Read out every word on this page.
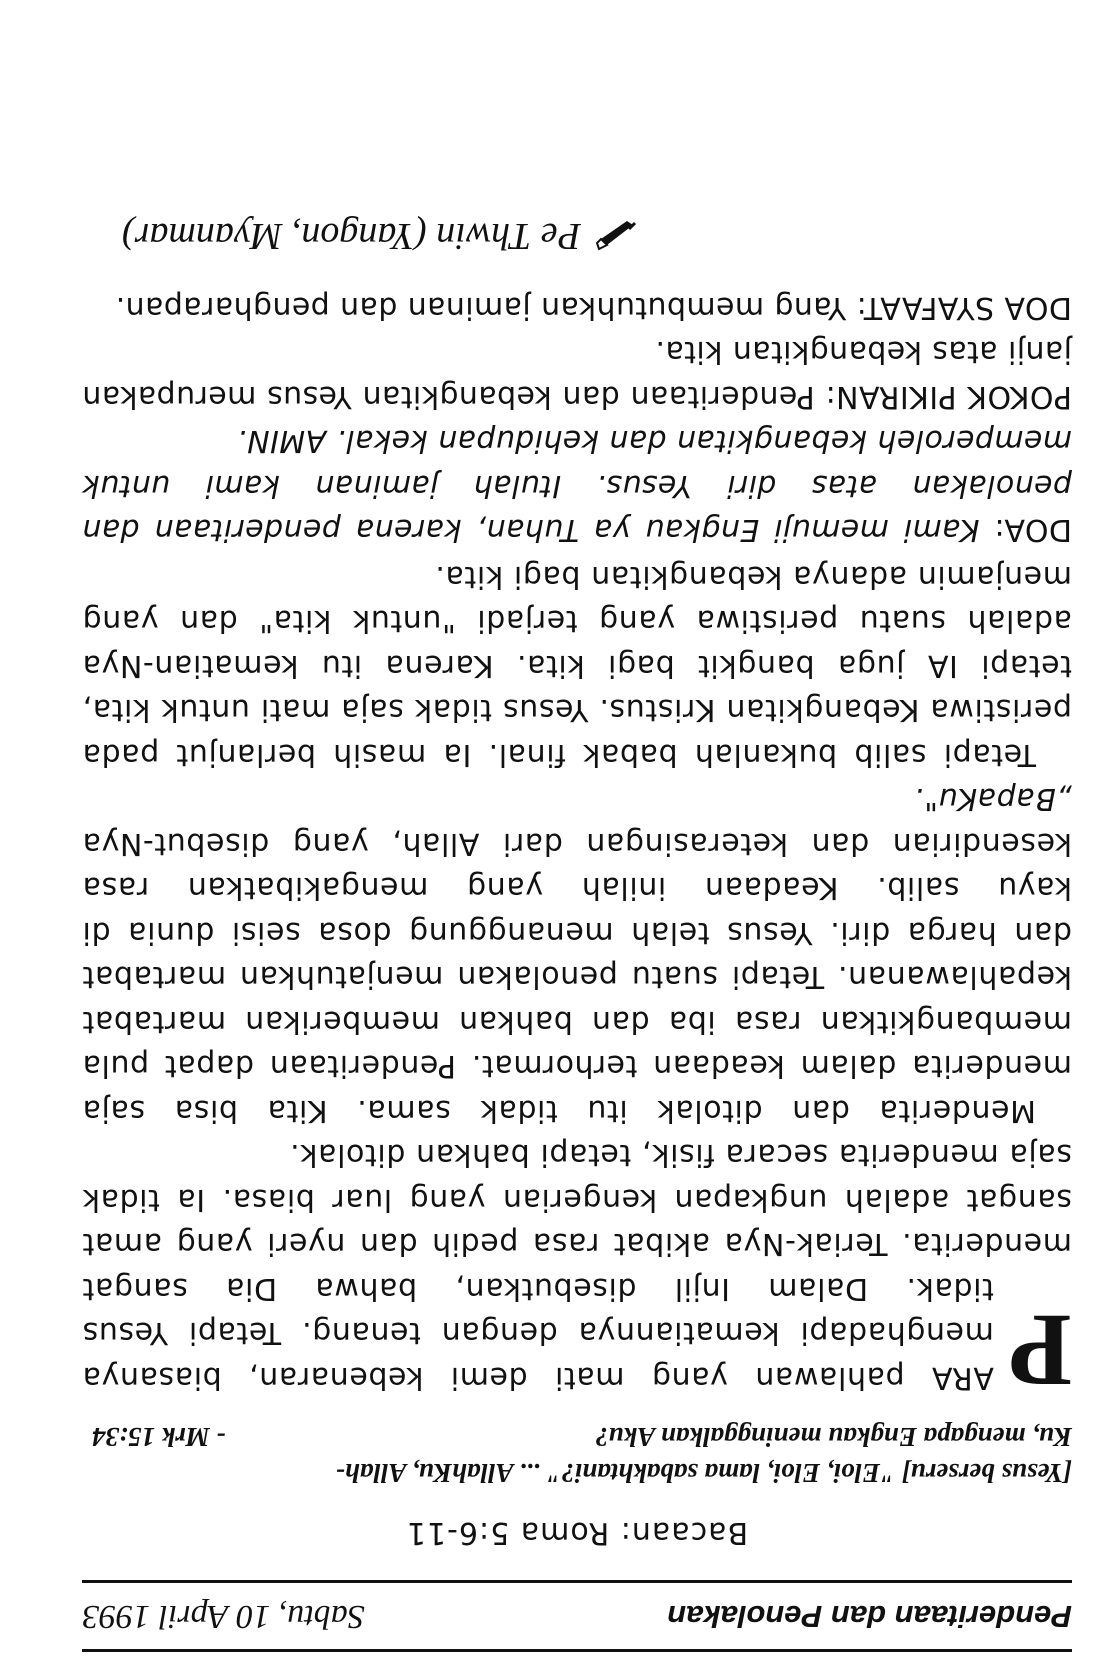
Penderitaan dan Penolakan
Sabtu, 10 April 1993
Bacaan: Roma 5:6-11
[Yesus berseru] "Eloi, Eloi, lama sabakhtani?" ... AllahKu, Allah-
Ku, mengapa Engkau meninggalkan Aku?
- Mrk 15:34

P
ARA pahlawan yang mati demi kebenaran, biasanya menghadapi kematiannya dengan tenang. Tetapi Yesus tidak. Dalam Injil disebutkan, bahwa Dia sangat menderita. Teriak-Nya akibat rasa pedih dan nyeri yang amat sangat adalah ungkapan kengerian yang luar biasa. Ia tidak saja menderita secara fisik, tetapi bahkan ditolak.

Menderita dan ditolak itu tidak sama. Kita bisa saja menderita dalam keadaan terhormat. Penderitaan dapat pula membangkitkan rasa iba dan bahkan memberikan martabat kepahlawanan. Tetapi suatu penolakan menjatuhkan martabat dan harga diri. Yesus telah menanggung dosa seisi dunia di kayu salib. Keadaan inilah yang mengakibatkan rasa kesendirian dan keterasingan dari Allah, yang disebut-Nya „BapaKu".

Tetapi salib bukanlah babak final. Ia masih berlanjut pada peristiwa Kebangkitan Kristus. Yesus tidak saja mati untuk kita, tetapi IA juga bangkit bagi kita. Karena itu kematian-Nya adalah suatu peristiwa yang terjadi "untuk kita" dan yang menjamin adanya kebangkitan bagi kita.

DOA: Kami memuji Engkau ya Tuhan, karena penderitaan dan penolakan atas diri Yesus. Itulah jaminan kami untuk memperoleh kebangkitan dan kehidupan kekal. AMIN.
POKOK PIKIRAN: Penderitaan dan kebangkitan Yesus merupakan janji atas kebangkitan kita.
DOA SYAFAAT: Yang membutuhkan jaminan dan pengharapan.
Pe Thwin (Yangon, Myanmar)
